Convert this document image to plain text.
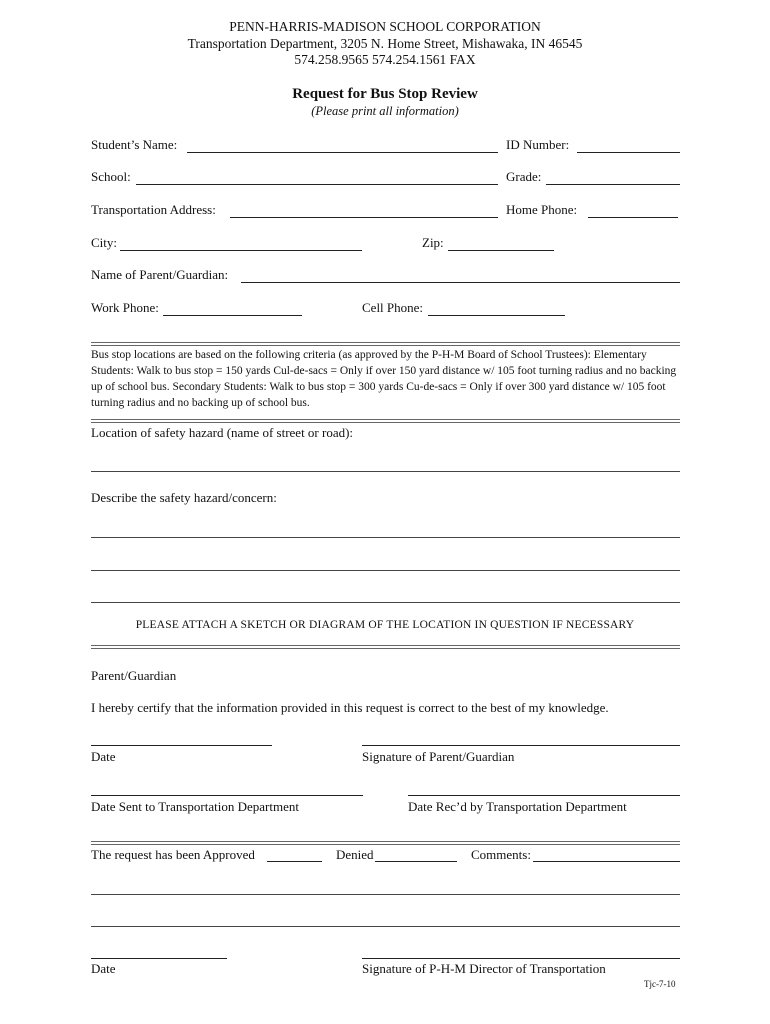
PENN-HARRIS-MADISON SCHOOL CORPORATION
Transportation Department, 3205 N. Home Street, Mishawaka, IN 46545
574.258.9565 574.254.1561 FAX
Request for Bus Stop Review
(Please print all information)
Student’s Name:	ID Number:
School:	Grade:
Transportation Address:	Home Phone:
City:	Zip:
Name of Parent/Guardian:
Work Phone:	Cell Phone:
Bus stop locations are based on the following criteria (as approved by the P-H-M Board of School Trustees): Elementary Students: Walk to bus stop = 150 yards Cul-de-sacs = Only if over 150 yard distance w/ 105 foot turning radius and no backing up of school bus. Secondary Students: Walk to bus stop = 300 yards Cu-de-sacs = Only if over 300 yard distance w/ 105 foot turning radius and no backing up of school bus.
Location of safety hazard (name of street or road):
Describe the safety hazard/concern:
PLEASE ATTACH A SKETCH OR DIAGRAM OF THE LOCATION IN QUESTION IF NECESSARY
Parent/Guardian
I hereby certify that the information provided in this request is correct to the best of my knowledge.
Date	Signature of Parent/Guardian
Date Sent to Transportation Department	Date Rec’d by Transportation Department
The request has been Approved	Denied	Comments:
Date	Signature of P-H-M Director of Transportation
Tjc-7-10
